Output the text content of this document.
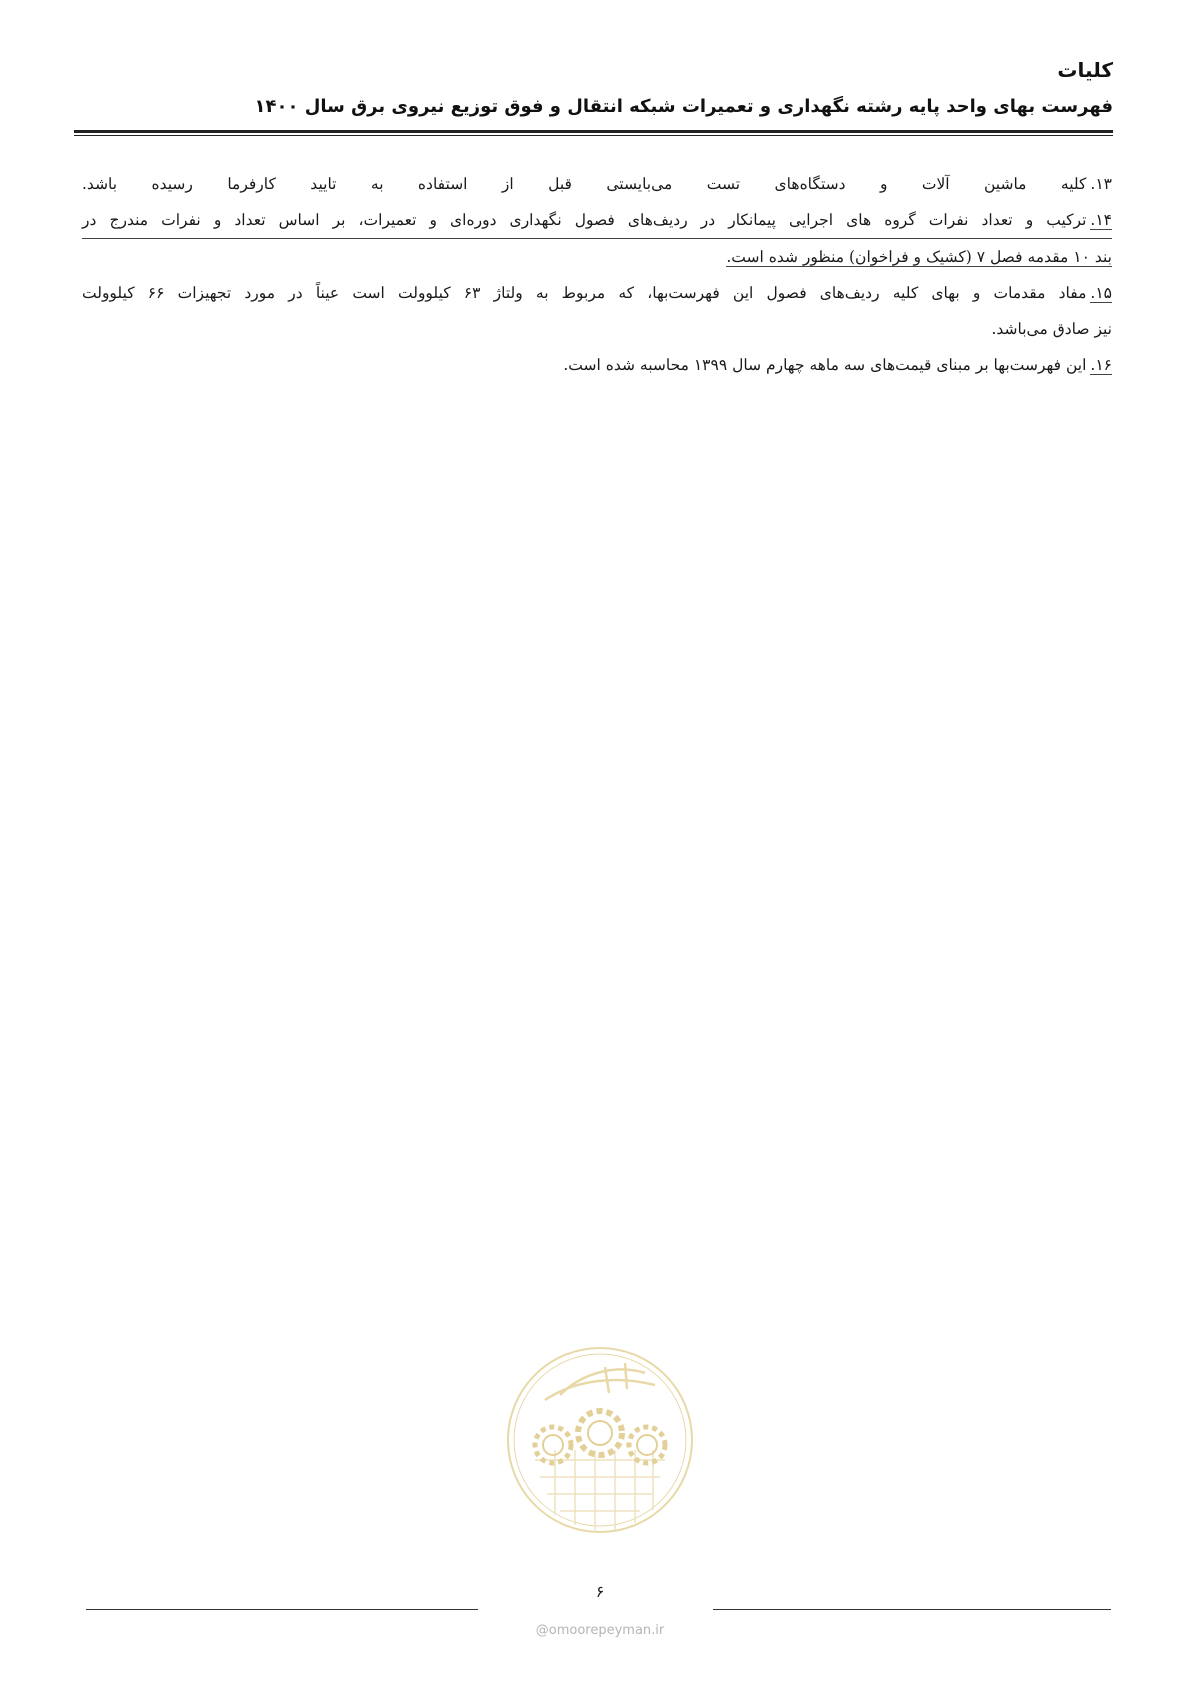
کلیات
فهرست بهای واحد پایه رشته نگهداری و تعمیرات شبکه انتقال و فوق توزیع نیروی برق سال ۱۴۰۰
۱۳.کلیه ماشین آلات و دستگاه‌های تست می‌بایستی قبل از استفاده به تایید کارفرما رسیده باشد.
۱۴.ترکیب و تعداد نفرات گروه های اجرایی پیمانکار در ردیف‌های فصول نگهداری دوره‌ای و تعمیرات، بر اساس تعداد و نفرات مندرج در
بند ۱۰ مقدمه فصل ۷ (کشیک و فراخوان) منظور شده است.
۱۵.مفاد مقدمات و بهای کلیه ردیف‌های فصول این فهرست‌بها، که مربوط به ولتاژ ۶۳ کیلوولت است عیناً در مورد تجهیزات ۶۶ کیلوولت
نیز صادق می‌باشد.
۱۶.این فهرست‌بها بر مبنای قیمت‌های سه ماهه چهارم سال ۱۳۹۹ محاسبه شده است.
۶
@omoorepeyman.ir
